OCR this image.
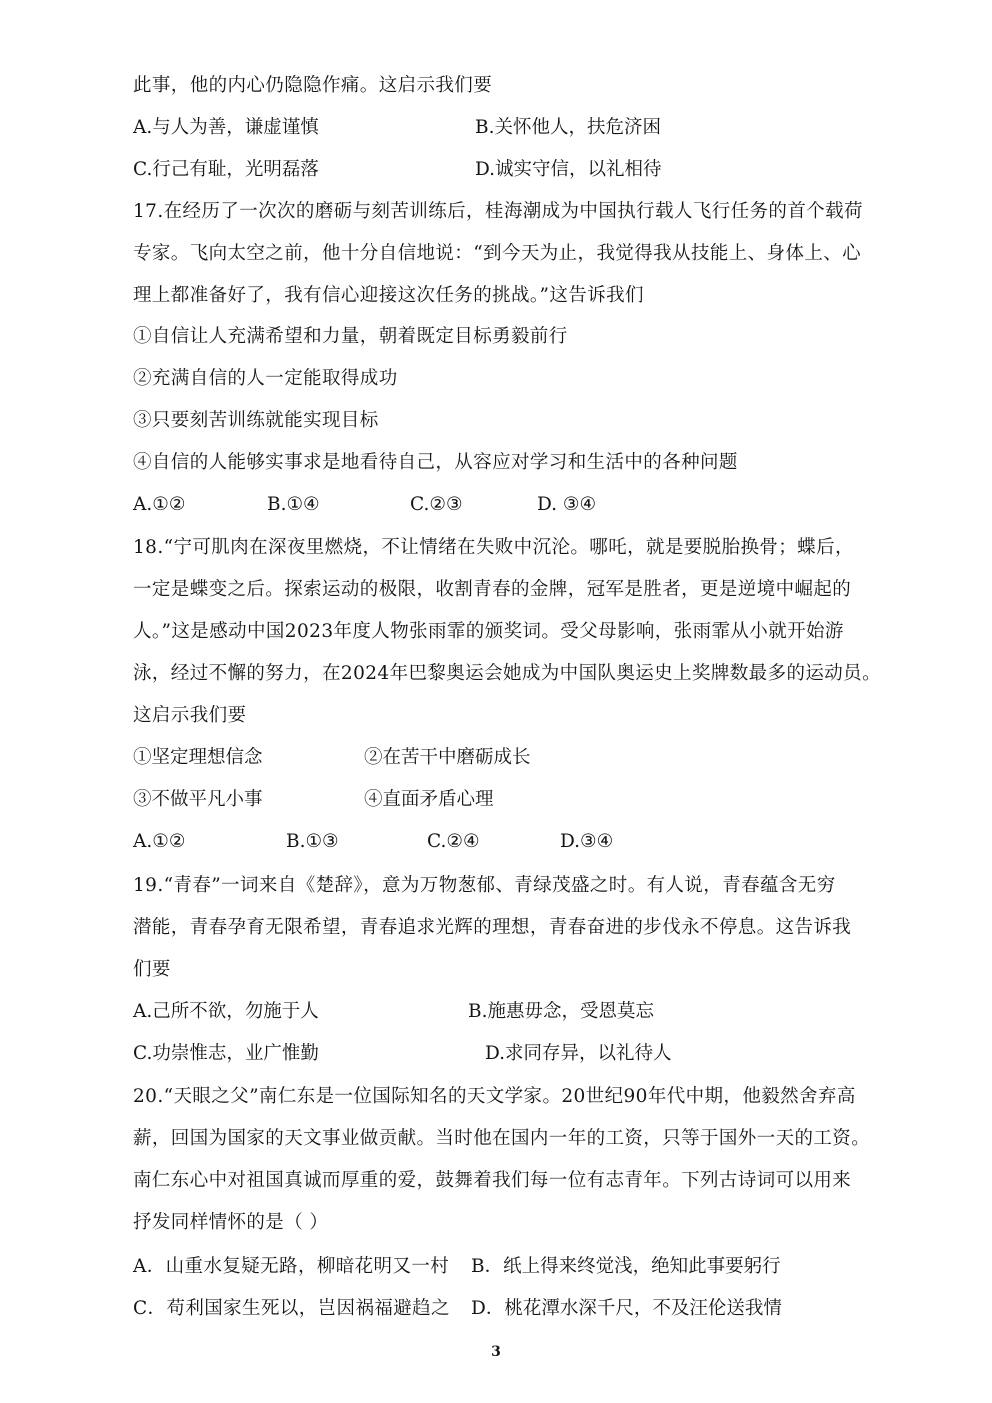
此事，他的内心仍隐隐作痛。这启示我们要
A.与人为善，谦虚谨慎	B.关怀他人，扶危济困
C.行己有耻，光明磊落	D.诚实守信，以礼相待
17.在经历了一次次的磨砺与刻苦训练后，桂海潮成为中国执行载人飞行任务的首个载荷
专家。飞向太空之前，他十分自信地说：“到今天为止，我觉得我从技能上、身体上、心
理上都准备好了，我有信心迎接这次任务的挑战。”这告诉我们
①自信让人充满希望和力量，朝着既定目标勇毅前行
②充满自信的人一定能取得成功
③只要刻苦训练就能实现目标
④自信的人能够实事求是地看待自己，从容应对学习和生活中的各种问题
A.①②	B.①④	C.②③	D. ③④
18.“宁可肌肉在深夜里燃烧，不让情绪在失败中沉沦。哪吒，就是要脱胎换骨；蝶后，
一定是蝶变之后。探索运动的极限，收割青春的金牌，冠军是胜者，更是逆境中崛起的
人。”这是感动中国2023年度人物张雨霏的颁奖词。受父母影响，张雨霏从小就开始游
泳，经过不懈的努力，在2024年巴黎奥运会她成为中国队奥运史上奖牌数最多的运动员。
这启示我们要
①坚定理想信念	②在苦干中磨砺成长
③不做平凡小事	④直面矛盾心理
A.①②	B.①③	C.②④	D.③④
19.“青春”一词来自《楚辞》，意为万物葱郁、青绿茂盛之时。有人说，青春蕴含无穷
潜能，青春孕育无限希望，青春追求光辉的理想，青春奋进的步伐永不停息。这告诉我
们要
A.己所不欲，勿施于人	B.施惠毋念，受恩莫忘
C.功崇惟志，业广惟勤	D.求同存异，以礼待人
20.“天眼之父”南仁东是一位国际知名的天文学家。20世纪90年代中期，他毅然舍弃高
薪，回国为国家的天文事业做贡献。当时他在国内一年的工资，只等于国外一天的工资。
南仁东心中对祖国真诚而厚重的爱，鼓舞着我们每一位有志青年。下列古诗词可以用来
抒发同样情怀的是（ ）
A．山重水复疑无路，柳暗花明又一村 B．纸上得来终觉浅，绝知此事要躬行
C．苟利国家生死以，岂因祸福避趋之 D．桃花潭水深千尺，不及汪伦送我情
3
